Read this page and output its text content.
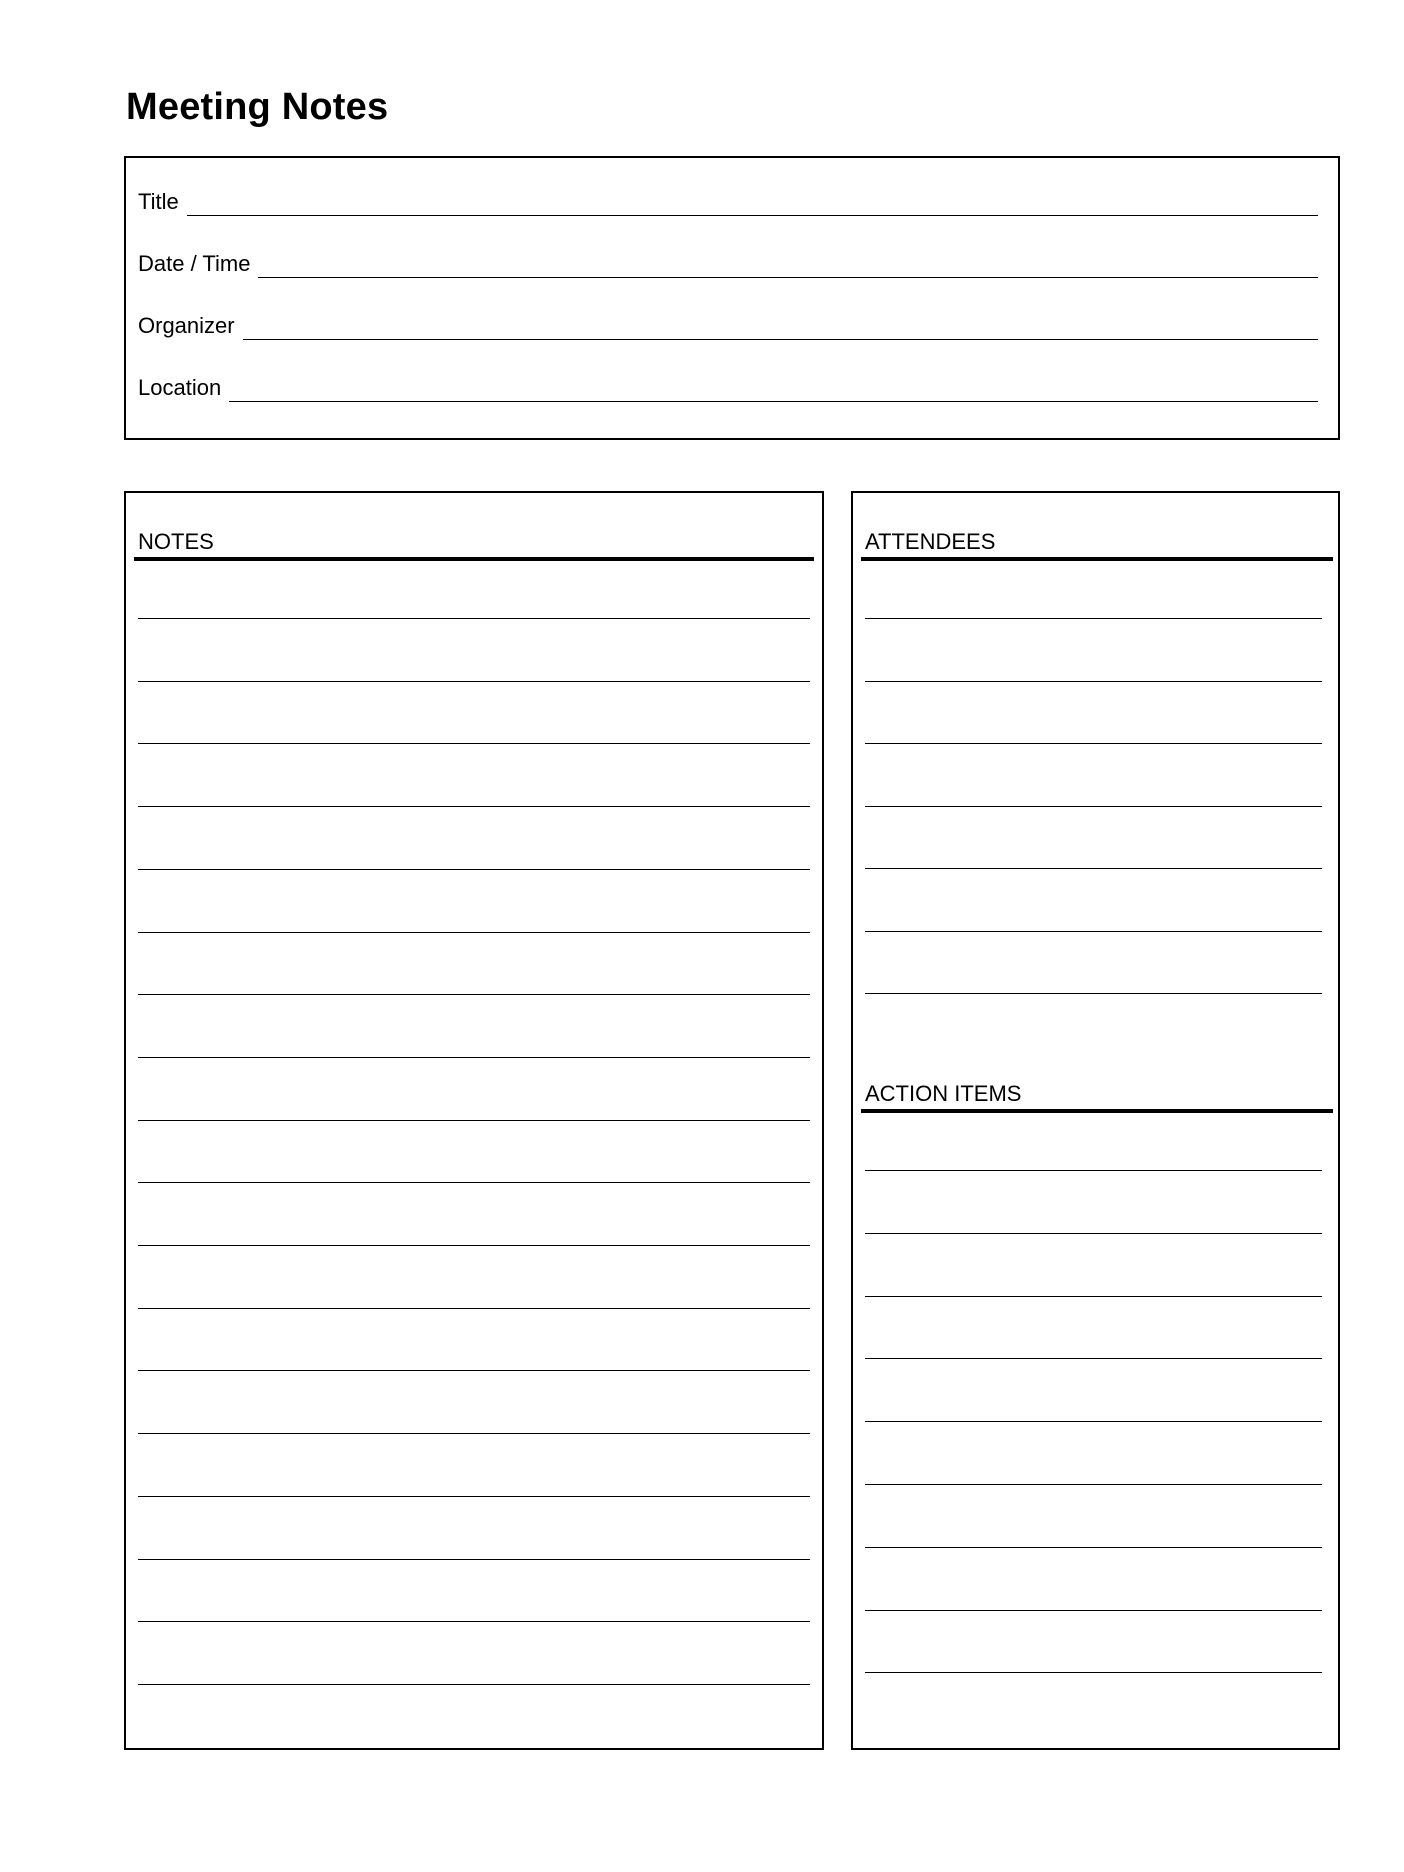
Meeting Notes
Title
Date / Time
Organizer
Location
NOTES	ATTENDEES
ACTION ITEMS
